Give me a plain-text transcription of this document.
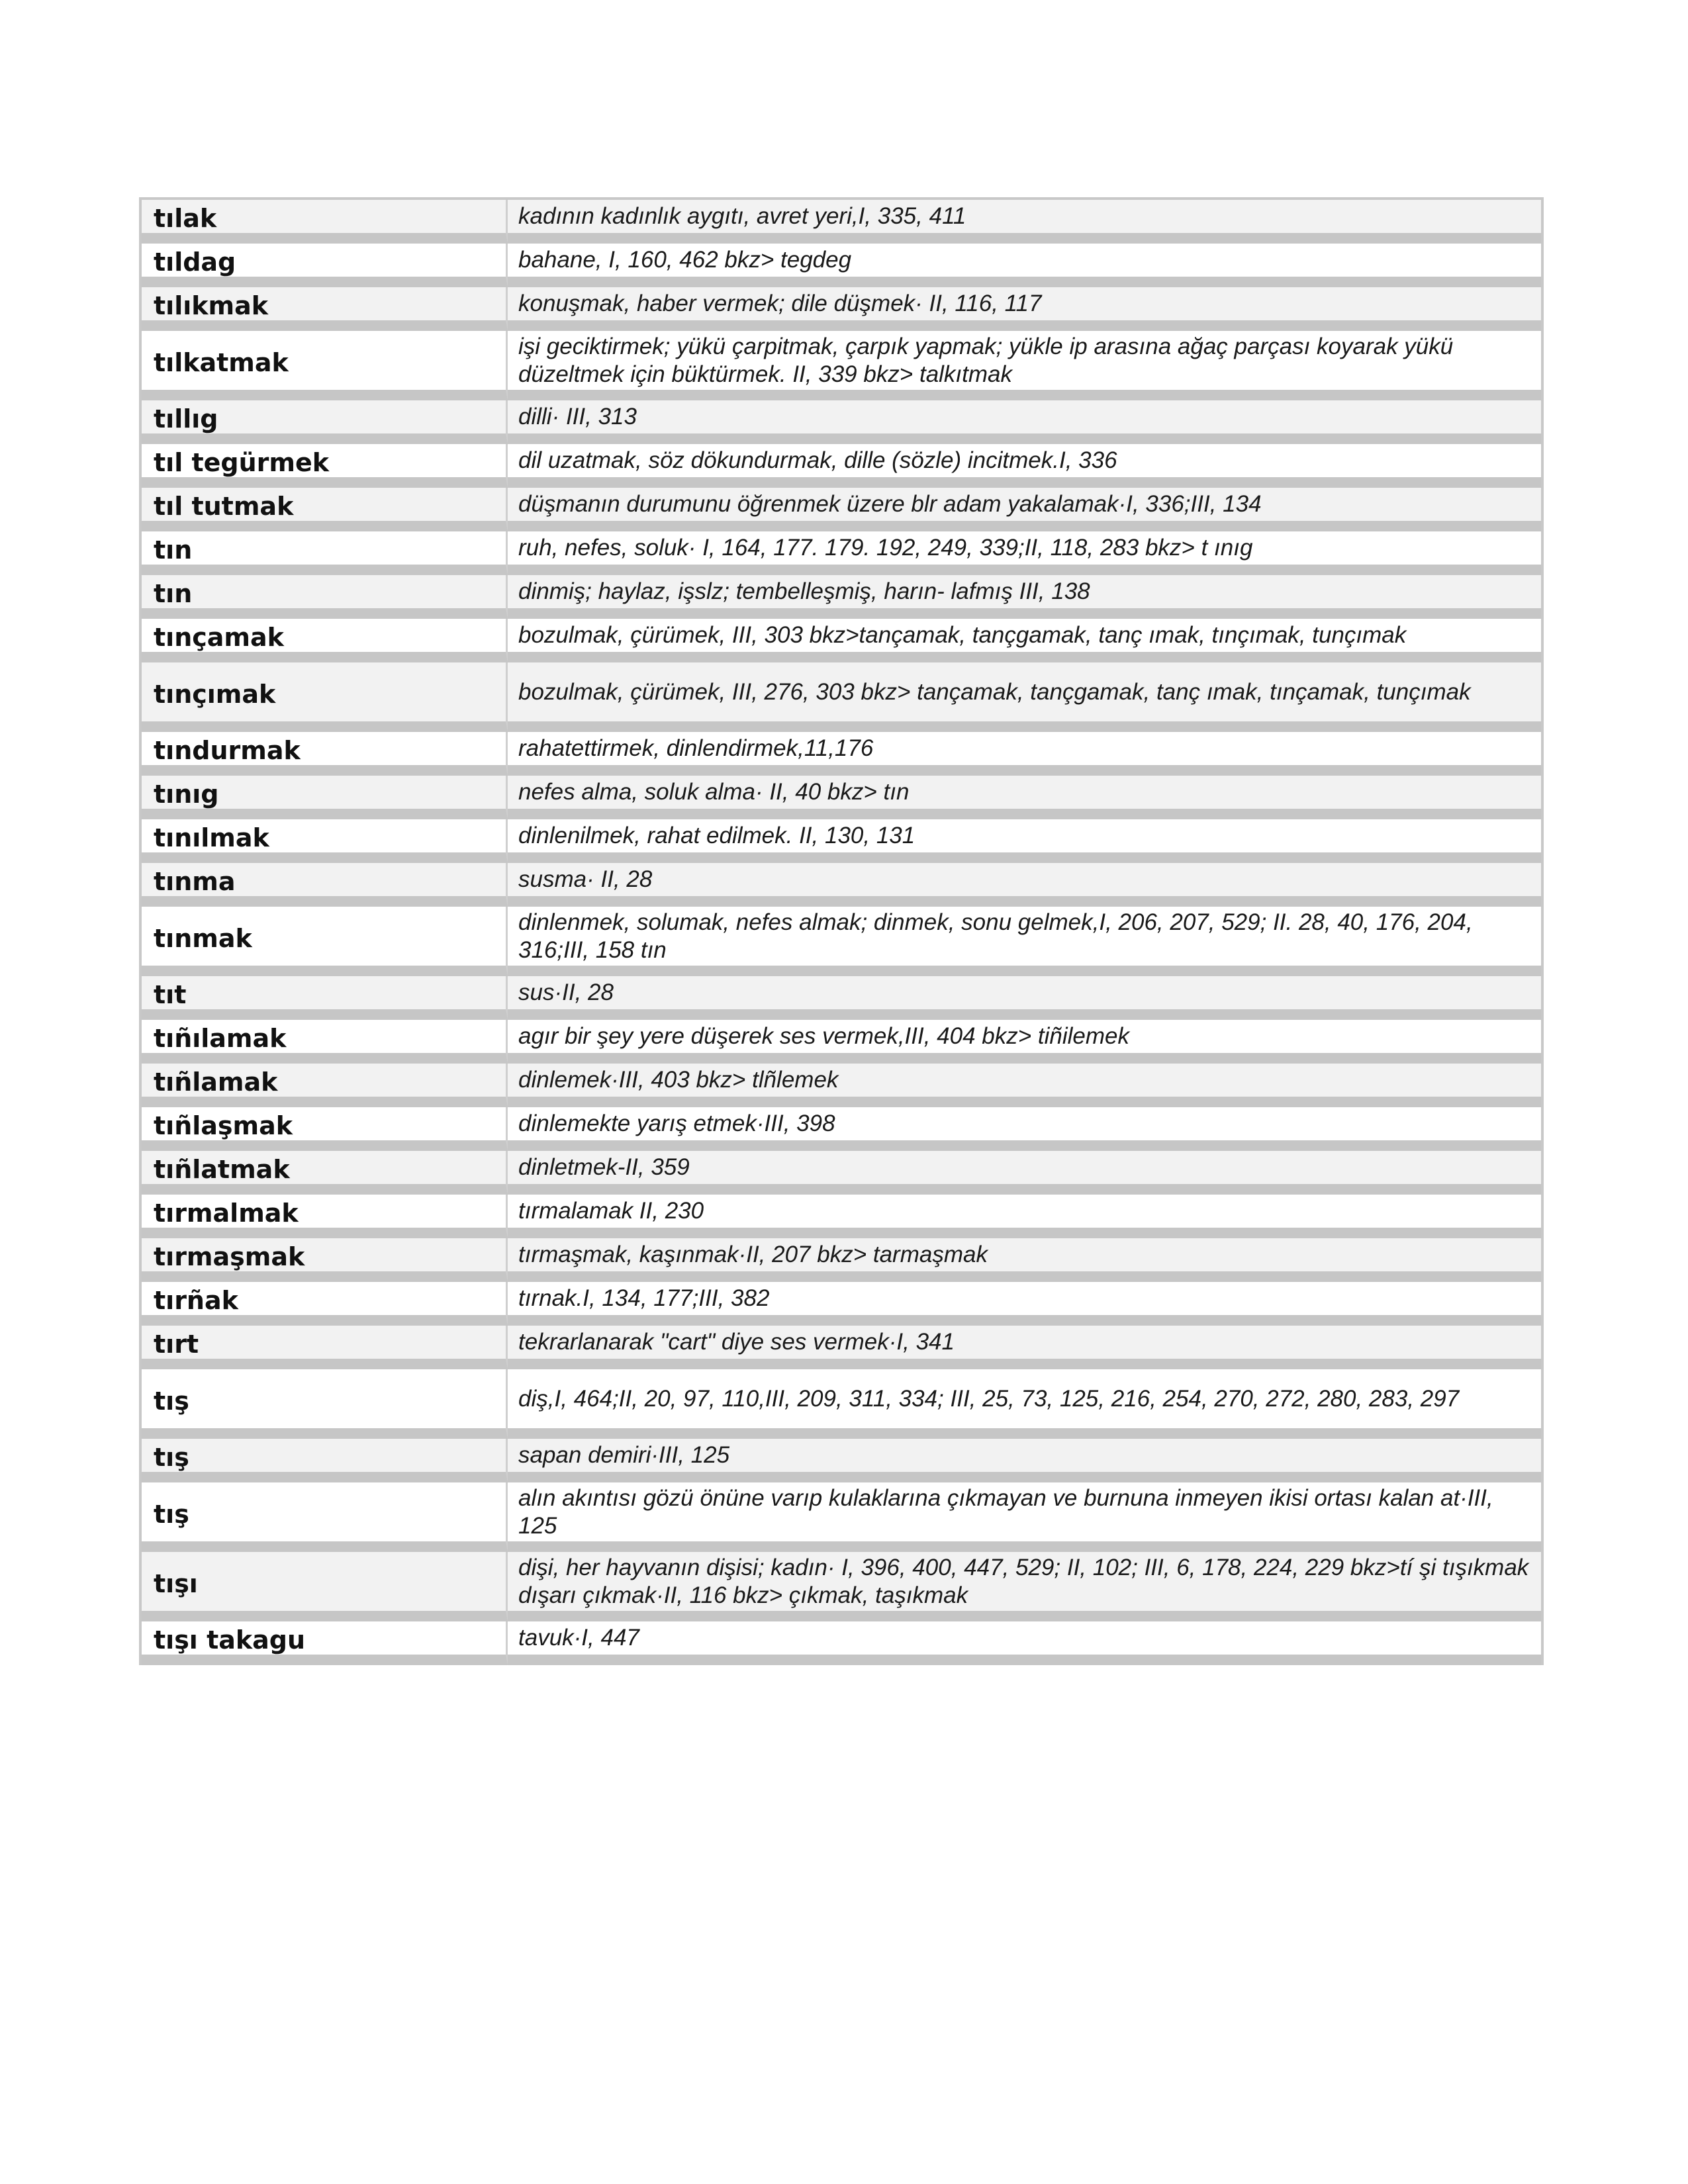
tılak	kadının kadınlık aygıtı, avret yeri,I, 335, 411
tıldag	bahane, I, 160, 462 bkz> tegdeg
tılıkmak	konuşmak, haber vermek; dile düşmek· II, 116, 117
tılkatmak	işi geciktirmek; yükü çarpitmak, çarpık yapmak; yükle ip arasına ağaç parçası koyarak yükü düzeltmek için büktürmek. II, 339 bkz> talkıtmak
tıllıg	dilli· III, 313
tıl tegürmek	dil uzatmak, söz dökundurmak, dille (sözle) incitmek.I, 336
tıl tutmak	düşmanın durumunu öğrenmek üzere blr adam yakalamak·I, 336;III, 134
tın	ruh, nefes, soluk· I, 164, 177. 179. 192, 249, 339;II, 118, 283 bkz> t ınıg
tın	dinmiş; haylaz, işslz; tembelleşmiş, harın- lafmış III, 138
tınçamak	bozulmak, çürümek, III, 303 bkz>tançamak, tançgamak, tanç ımak, tınçımak, tunçımak
tınçımak	bozulmak, çürümek, III, 276, 303 bkz> tançamak, tançgamak, tanç ımak, tınçamak, tunçımak
tındurmak	rahatettirmek, dinlendirmek,11,176
tınıg	nefes alma, soluk alma· II, 40 bkz> tın
tınılmak	dinlenilmek, rahat edilmek. II, 130, 131
tınma	susma· II, 28
tınmak	dinlenmek, solumak, nefes almak; dinmek, sonu gelmek,I, 206, 207, 529; II. 28, 40, 176, 204, 316;III, 158 tın
tıt	sus·II, 28
tıñılamak	agır bir şey yere düşerek ses vermek,III, 404 bkz> tiñilemek
tıñlamak	dinlemek·III, 403 bkz> tlñlemek
tıñlaşmak	dinlemekte yarış etmek·III, 398
tıñlatmak	dinletmek-II, 359
tırmalmak	tırmalamak II, 230
tırmaşmak	tırmaşmak, kaşınmak·II, 207 bkz> tarmaşmak
tırñak	tırnak.I, 134, 177;III, 382
tırt	tekrarlanarak "cart" diye ses vermek·I, 341
tış	diş,I, 464;II, 20, 97, 110,III, 209, 311, 334; III, 25, 73, 125, 216, 254, 270, 272, 280, 283, 297
tış	sapan demiri·III, 125
tış	alın akıntısı gözü önüne varıp kulaklarına çıkmayan ve burnuna inmeyen ikisi ortası kalan at·III, 125
tışı	dişi, her hayvanın dişisi; kadın· I, 396, 400, 447, 529; II, 102; III, 6, 178, 224, 229 bkz>tí şi tışıkmak dışarı çıkmak·II, 116 bkz> çıkmak, taşıkmak
tışı takagu	tavuk·I, 447
